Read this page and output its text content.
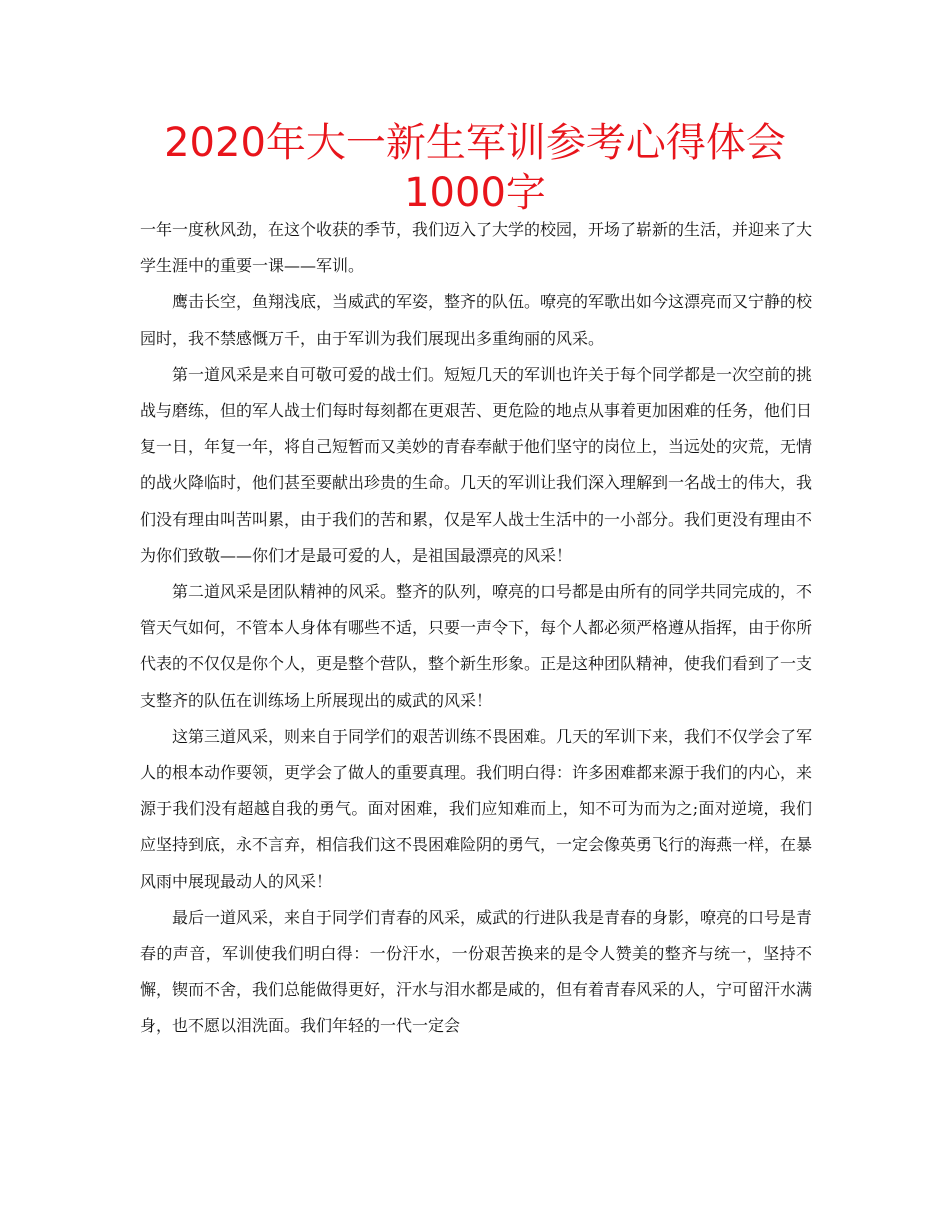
2020年大一新生军训参考心得体会1000字

一年一度秋风劲，在这个收获的季节，我们迈入了大学的校园，开场了崭新的生活，并迎来了大学生涯中的重要一课——军训。

鹰击长空，鱼翔浅底，当威武的军姿，整齐的队伍。嘹亮的军歌出如今这漂亮而又宁静的校园时，我不禁感慨万千，由于军训为我们展现出多重绚丽的风采。

第一道风采是来自可敬可爱的战士们。短短几天的军训也许关于每个同学都是一次空前的挑战与磨练，但的军人战士们每时每刻都在更艰苦、更危险的地点从事着更加困难的任务，他们日复一日，年复一年，将自己短暂而又美妙的青春奉献于他们坚守的岗位上，当远处的灾荒，无情的战火降临时，他们甚至要献出珍贵的生命。几天的军训让我们深入理解到一名战士的伟大，我们没有理由叫苦叫累，由于我们的苦和累，仅是军人战士生活中的一小部分。我们更没有理由不为你们致敬——你们才是最可爱的人，是祖国最漂亮的风采！

第二道风采是团队精神的风采。整齐的队列，嘹亮的口号都是由所有的同学共同完成的，不管天气如何，不管本人身体有哪些不适，只要一声令下，每个人都必须严格遵从指挥，由于你所代表的不仅仅是你个人，更是整个营队，整个新生形象。正是这种团队精神，使我们看到了一支支整齐的队伍在训练场上所展现出的威武的风采！

这第三道风采，则来自于同学们的艰苦训练不畏困难。几天的军训下来，我们不仅学会了军人的根本动作要领，更学会了做人的重要真理。我们明白得：许多困难都来源于我们的内心，来源于我们没有超越自我的勇气。面对困难，我们应知难而上，知不可为而为之;面对逆境，我们应坚持到底，永不言弃，相信我们这不畏困难险阴的勇气，一定会像英勇飞行的海燕一样，在暴风雨中展现最动人的风采！

最后一道风采，来自于同学们青春的风采，威武的行进队我是青春的身影，嘹亮的口号是青春的声音，军训使我们明白得：一份汗水，一份艰苦换来的是令人赞美的整齐与统一，坚持不懈，锲而不舍，我们总能做得更好，汗水与泪水都是咸的，但有着青春风采的人，宁可留汗水满身，也不愿以泪洗面。我们年轻的一代一定会
